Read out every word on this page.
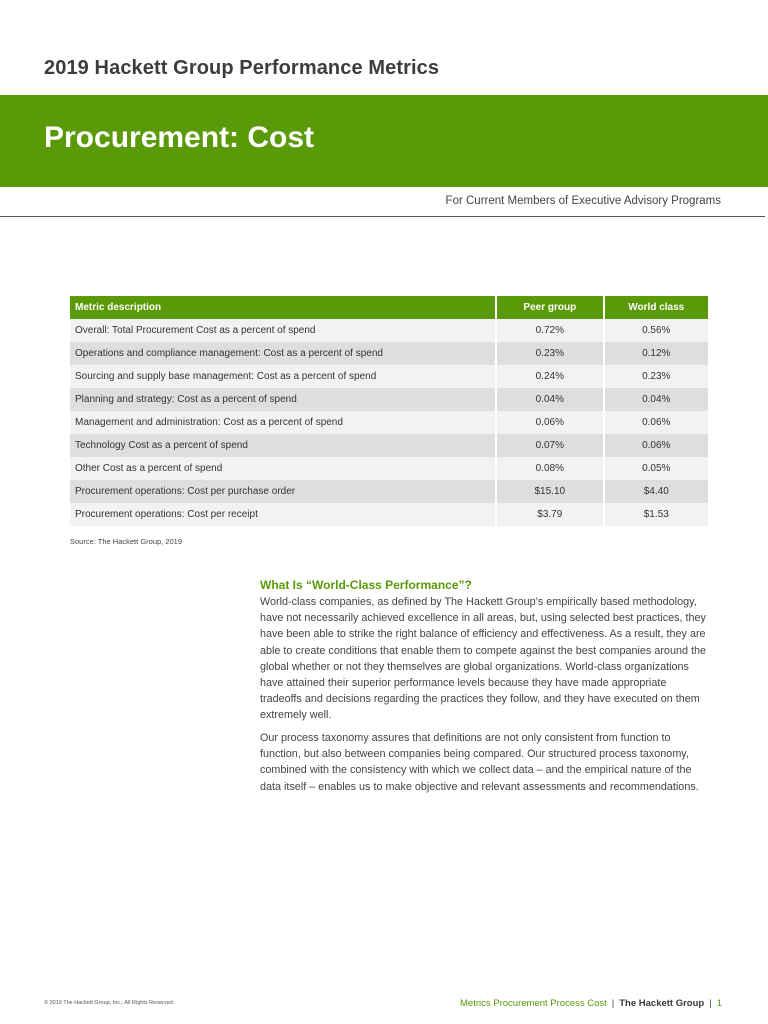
2019 Hackett Group Performance Metrics
Procurement: Cost
For Current Members of Executive Advisory Programs
Metric description	Peer group	World class
Overall: Total Procurement Cost as a percent of spend	0.72%	0.56%
Operations and compliance management: Cost as a percent of spend	0.23%	0.12%
Sourcing and supply base management: Cost as a percent of spend	0.24%	0.23%
Planning and strategy: Cost as a percent of spend	0.04%	0.04%
Management and administration: Cost as a percent of spend	0.06%	0.06%
Technology Cost as a percent of spend	0.07%	0.06%
Other Cost as a percent of spend	0.08%	0.05%
Procurement operations: Cost per purchase order	$15.10	$4.40
Procurement operations: Cost per receipt	$3.79	$1.53
Source: The Hackett Group, 2019
What Is “World-Class Performance”?

World-class companies, as defined by The Hackett Group’s empirically based methodology, have not necessarily achieved excellence in all areas, but, using selected best practices, they have been able to strike the right balance of efficiency and effectiveness. As a result, they are able to create conditions that enable them to compete against the best companies around the global whether or not they themselves are global organizations. World-class organizations have attained their superior performance levels because they have made appropriate tradeoffs and decisions regarding the practices they follow, and they have executed on them extremely well.

Our process taxonomy assures that definitions are not only consistent from function to function, but also between companies being compared. Our structured process taxonomy, combined with the consistency with which we collect data – and the empirical nature of the data itself – enables us to make objective and relevant assessments and recommendations.

© 2019 The Hackett Group, Inc.; All Rights Reserved.	Metrics Procurement Process Cost | The Hackett Group | 1
